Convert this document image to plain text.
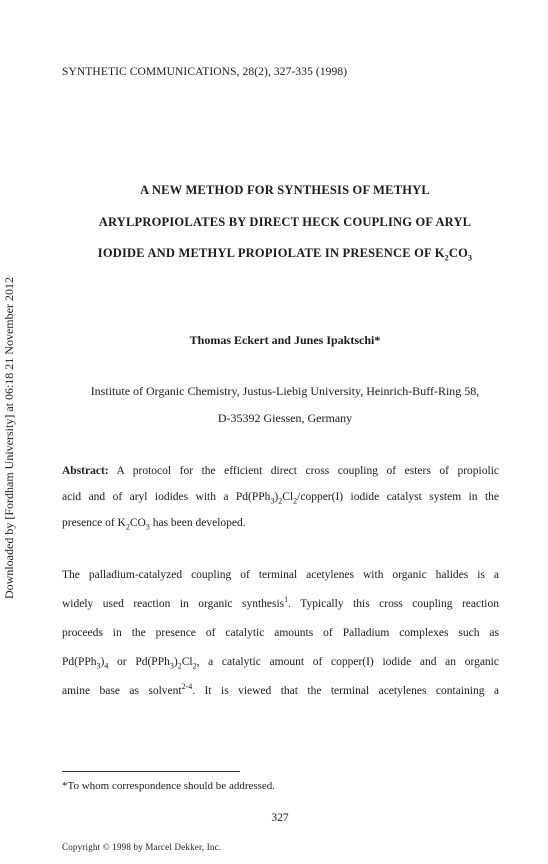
SYNTHETIC COMMUNICATIONS, 28(2), 327-335 (1998)
Downloaded by [Fordham University] at 06:18 21 November 2012
A NEW METHOD FOR SYNTHESIS OF METHYL
ARYLPROPIOLATES BY DIRECT HECK COUPLING OF ARYL
IODIDE AND METHYL PROPIOLATE IN PRESENCE OF $K_2CO_3$
Thomas Eckert and Junes Ipaktschi*
Institute of Organic Chemistry, Justus-Liebig University, Heinrich-Buff-Ring 58,
D-35392 Giessen, Germany
Abstract: A protocol for the efficient direct cross coupling of esters of propiolic
acid and of aryl iodides with a $Pd(PPh_3)_2Cl_2/copper(I)$ iodide catalyst system in the
presence of $K_2CO_3$ has been developed.
The palladium-catalyzed coupling of terminal acetylenes with organic halides is a
widely used reaction in organic synthesis$^1$. Typically this cross coupling reaction
proceeds in the presence of catalytic amounts of Palladium complexes such as
$Pd(PPh_3)_4$ or $Pd(PPh_3)_2Cl_2$, a catalytic amount of copper(I) iodide and an organic
amine base as solvent$^{2-4}$. It is viewed that the terminal acetylenes containing a
*To whom correspondence should be addressed.
327
Copyright © 1998 by Marcel Dekker, Inc.
